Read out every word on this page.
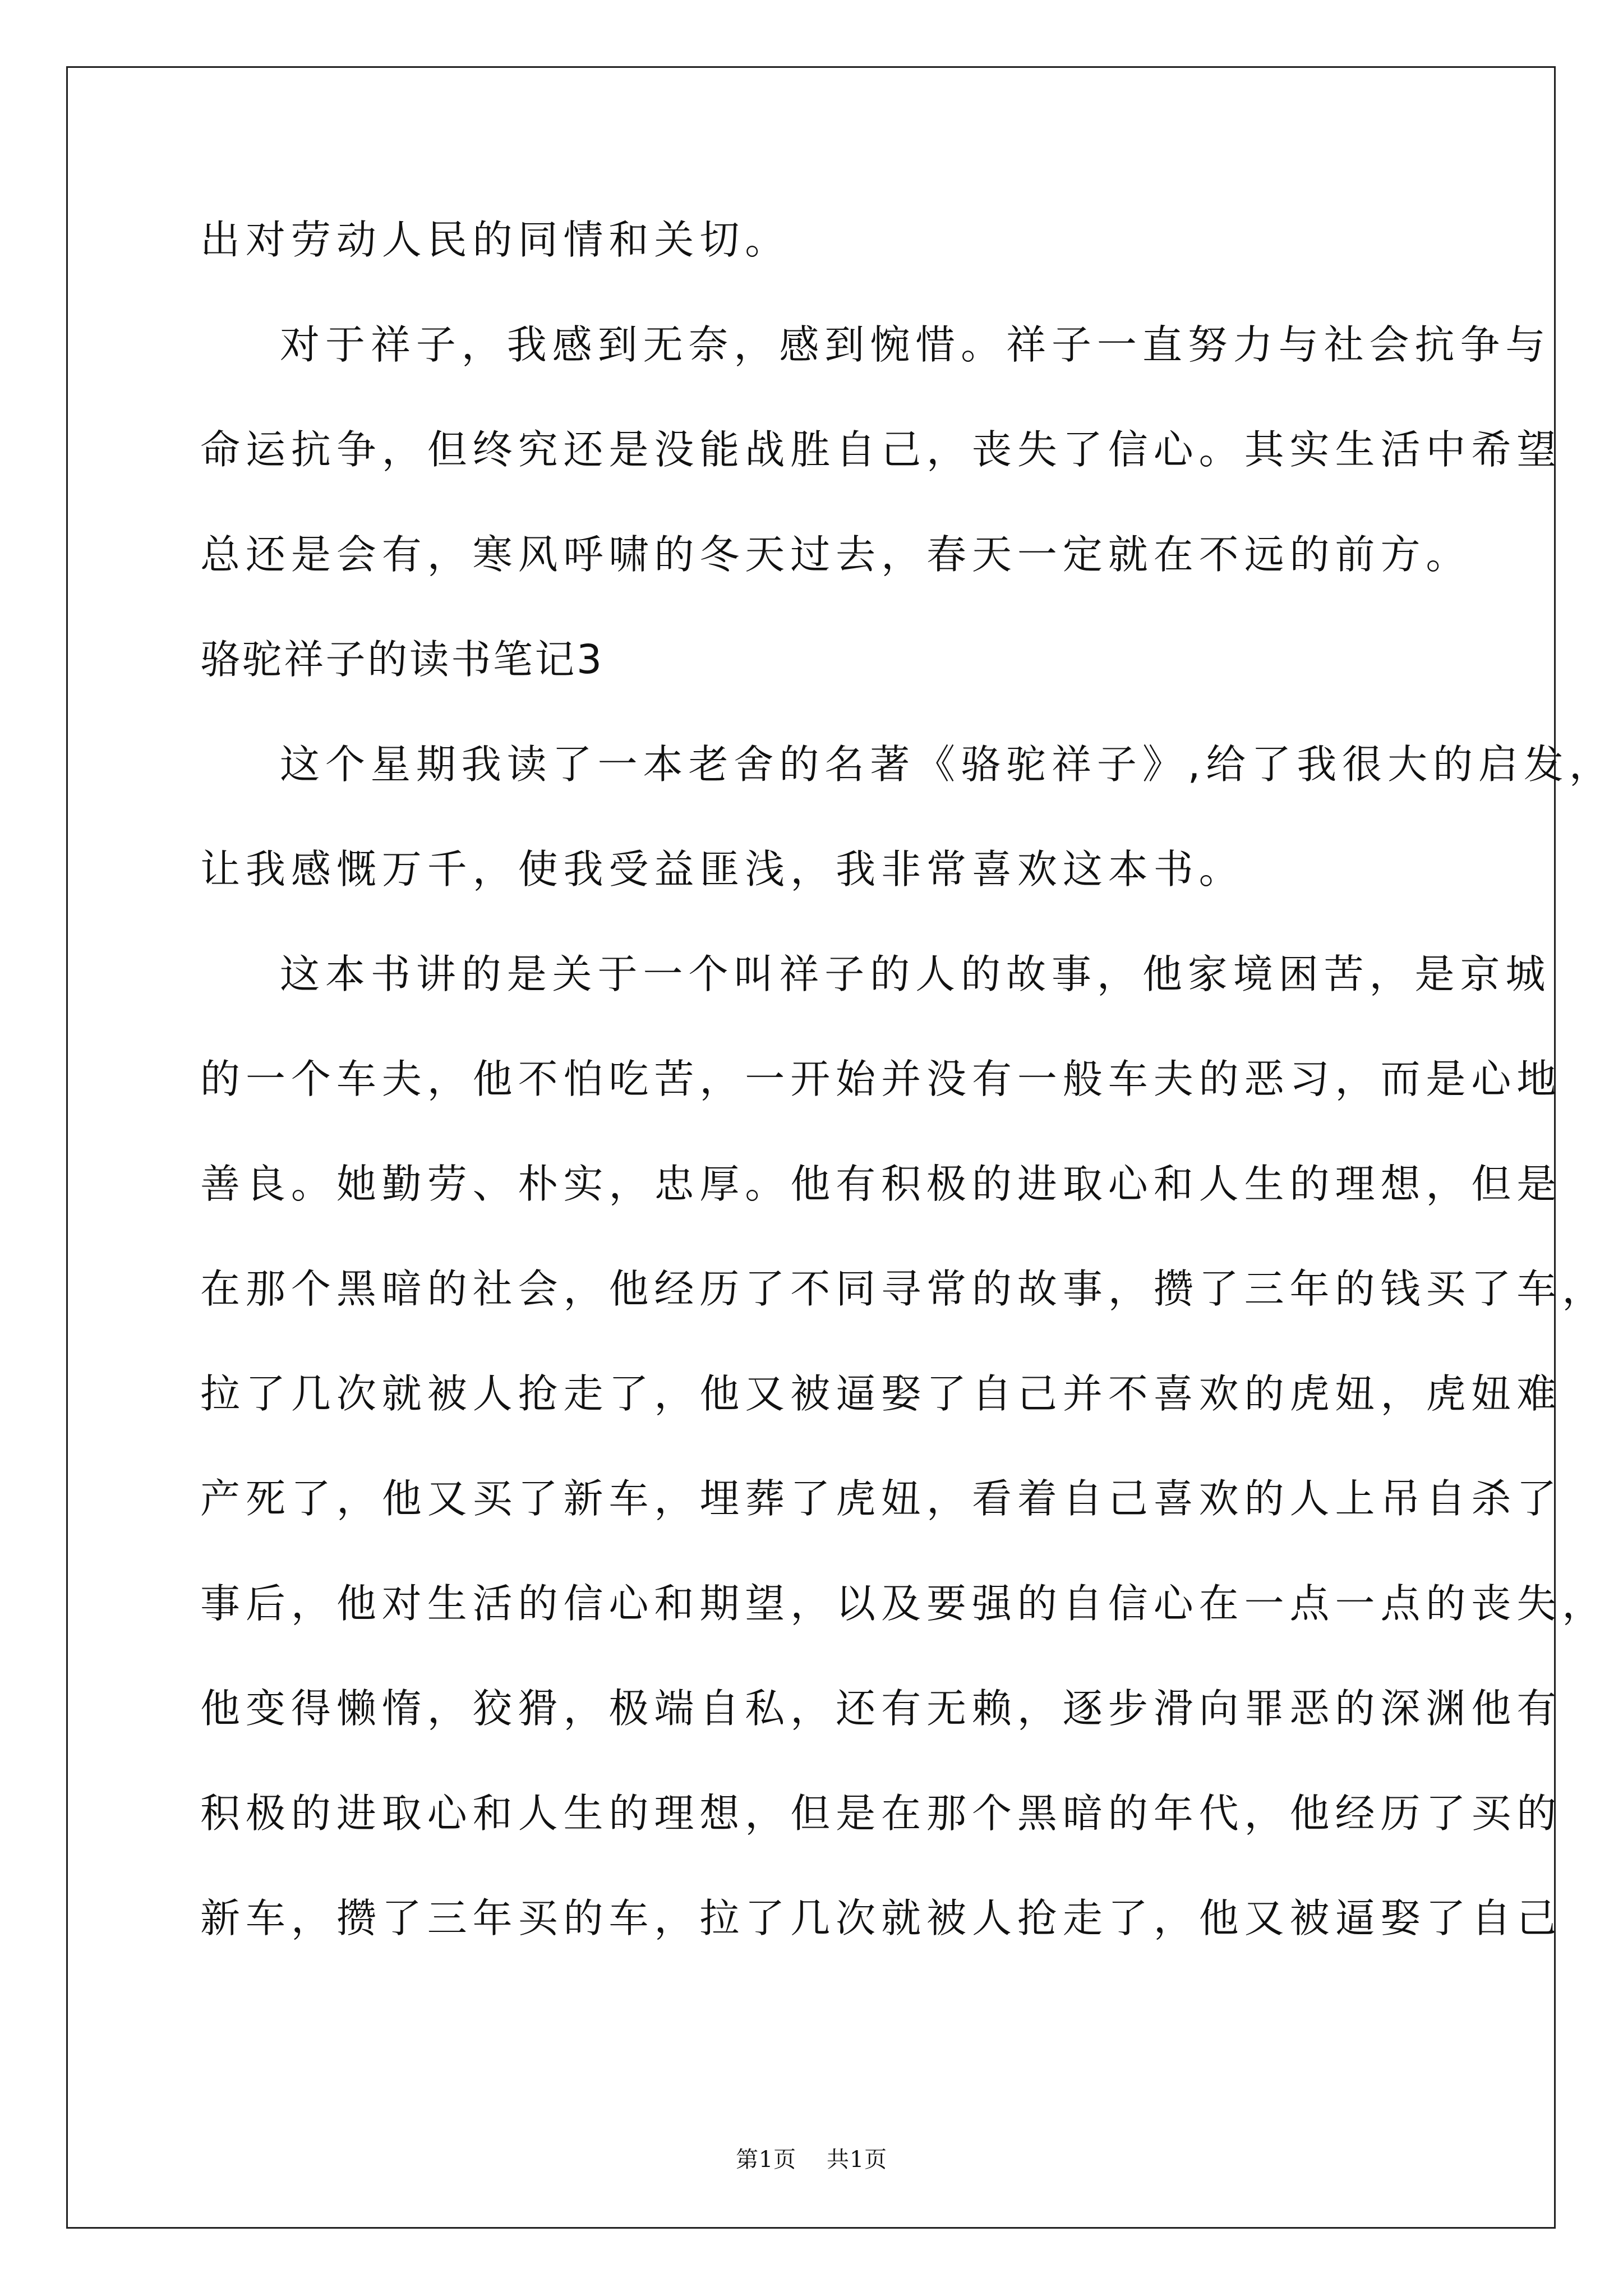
出对劳动人民的同情和关切。
对于祥子，我感到无奈，感到惋惜。祥子一直努力与社会抗争与
命运抗争，但终究还是没能战胜自己，丧失了信心。其实生活中希望
总还是会有，寒风呼啸的冬天过去，春天一定就在不远的前方。
骆驼祥子的读书笔记3
这个星期我读了一本老舍的名著《骆驼祥子》,给了我很大的启发，
让我感慨万千，使我受益匪浅，我非常喜欢这本书。
这本书讲的是关于一个叫祥子的人的故事，他家境困苦，是京城
的一个车夫，他不怕吃苦，一开始并没有一般车夫的恶习，而是心地
善良。她勤劳、朴实，忠厚。他有积极的进取心和人生的理想，但是
在那个黑暗的社会，他经历了不同寻常的故事，攒了三年的钱买了车，
拉了几次就被人抢走了，他又被逼娶了自己并不喜欢的虎妞，虎妞难
产死了，他又买了新车，埋葬了虎妞，看着自己喜欢的人上吊自杀了
事后，他对生活的信心和期望，以及要强的自信心在一点一点的丧失，
他变得懒惰，狡猾，极端自私，还有无赖，逐步滑向罪恶的深渊他有
积极的进取心和人生的理想，但是在那个黑暗的年代，他经历了买的
新车，攒了三年买的车，拉了几次就被人抢走了，他又被逼娶了自己
第1页 共1页
